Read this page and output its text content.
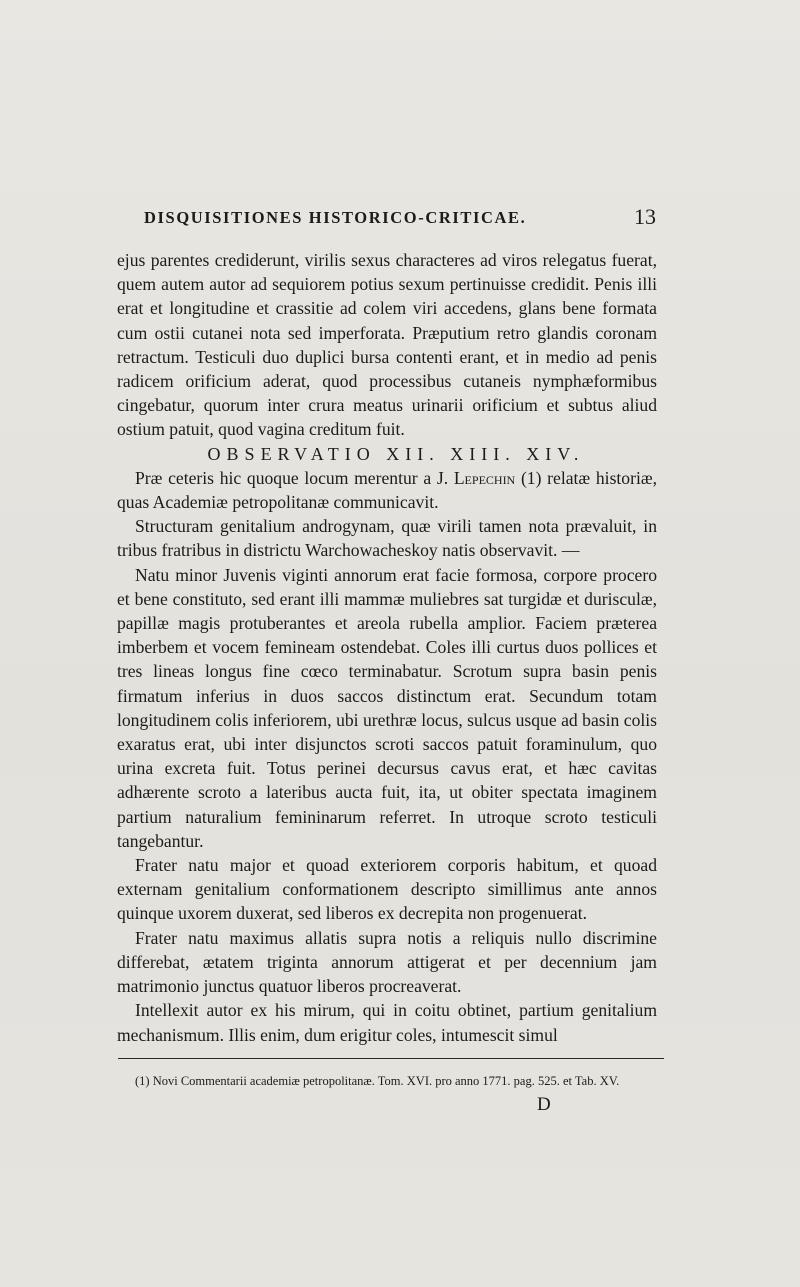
DISQUISITIONES HISTORICO-CRITICAE.	13

ejus parentes crediderunt, virilis sexus characteres ad viros relegatus fuerat, quem autem autor ad sequiorem potius sexum pertinuisse credidit. Penis illi erat et longitudine et crassitie ad colem viri accedens, glans bene formata cum ostii cutanei nota sed imperforata. Præputium retro glandis coronam retractum. Testiculi duo duplici bursa contenti erant, et in medio ad penis radicem orificium aderat, quod processibus cutaneis nymphæformibus cingebatur, quorum inter crura meatus urinarii orificium et subtus aliud ostium patuit, quod vagina creditum fuit.

OBSERVATIO XII. XIII. XIV.

Præ ceteris hic quoque locum merentur a J. Lepechin (1) relatæ historiæ, quas Academiæ petropolitanæ communicavit.

Structuram genitalium androgynam, quæ virili tamen nota prævaluit, in tribus fratribus in districtu Warchowacheskoy natis observavit. —

Natu minor Juvenis viginti annorum erat facie formosa, corpore procero et bene constituto, sed erant illi mammæ muliebres sat turgidæ et durisculæ, papillæ magis protuberantes et areola rubella amplior. Faciem præterea imberbem et vocem femineam ostendebat. Coles illi curtus duos pollices et tres lineas longus fine cœco terminabatur. Scrotum supra basin penis firmatum inferius in duos saccos distinctum erat. Secundum totam longitudinem colis inferiorem, ubi urethræ locus, sulcus usque ad basin colis exaratus erat, ubi inter disjunctos scroti saccos patuit foraminulum, quo urina excreta fuit. Totus perinei decursus cavus erat, et hæc cavitas adhærente scroto a lateribus aucta fuit, ita, ut obiter spectata imaginem partium naturalium femininarum referret. In utroque scroto testiculi tangebantur.

Frater natu major et quoad exteriorem corporis habitum, et quoad externam genitalium conformationem descripto simillimus ante annos quinque uxorem duxerat, sed liberos ex decrepita non progenuerat.

Frater natu maximus allatis supra notis a reliquis nullo discrimine differebat, ætatem triginta annorum attigerat et per decennium jam matrimonio junctus quatuor liberos procreaverat.

Intellexit autor ex his mirum, qui in coitu obtinet, partium genitalium mechanismum. Illis enim, dum erigitur coles, intumescit simul

(1) Novi Commentarii academiæ petropolitanæ. Tom. XVI. pro anno 1771. pag. 525. et Tab. XV.
D
